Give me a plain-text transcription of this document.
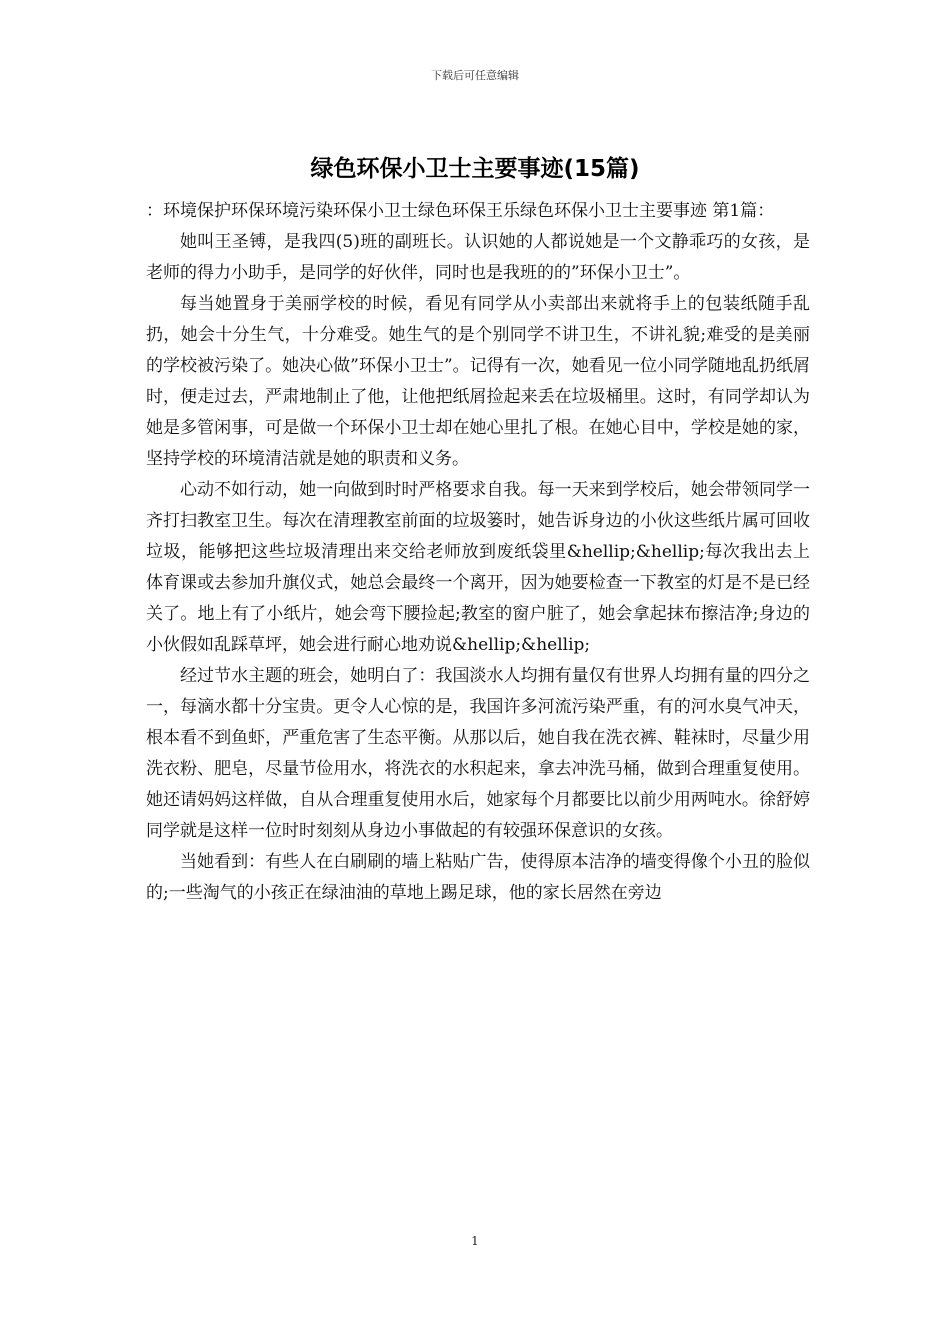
下载后可任意编辑
绿色环保小卫士主要事迹(15篇)

：环境保护环保环境污染环保小卫士绿色环保王乐绿色环保小卫士主要事迹 第1篇：

她叫王圣镈，是我四(5)班的副班长。认识她的人都说她是一个文静乖巧的女孩，是老师的得力小助手，是同学的好伙伴，同时也是我班的的”环保小卫士”。

每当她置身于美丽学校的时候，看见有同学从小卖部出来就将手上的包装纸随手乱扔，她会十分生气，十分难受。她生气的是个别同学不讲卫生，不讲礼貌;难受的是美丽的学校被污染了。她决心做”环保小卫士”。记得有一次，她看见一位小同学随地乱扔纸屑时，便走过去，严肃地制止了他，让他把纸屑捡起来丢在垃圾桶里。这时，有同学却认为她是多管闲事，可是做一个环保小卫士却在她心里扎了根。在她心目中，学校是她的家，坚持学校的环境清洁就是她的职责和义务。

心动不如行动，她一向做到时时严格要求自我。每一天来到学校后，她会带领同学一齐打扫教室卫生。每次在清理教室前面的垃圾篓时，她告诉身边的小伙这些纸片属可回收垃圾，能够把这些垃圾清理出来交给老师放到废纸袋里&hellip;&hellip;每次我出去上体育课或去参加升旗仪式，她总会最终一个离开，因为她要检查一下教室的灯是不是已经关了。地上有了小纸片，她会弯下腰捡起;教室的窗户脏了，她会拿起抹布擦洁净;身边的小伙假如乱踩草坪，她会进行耐心地劝说&hellip;&hellip;

经过节水主题的班会，她明白了：我国淡水人均拥有量仅有世界人均拥有量的四分之一，每滴水都十分宝贵。更令人心惊的是，我国许多河流污染严重，有的河水臭气冲天，根本看不到鱼虾，严重危害了生态平衡。从那以后，她自我在洗衣裤、鞋袜时，尽量少用洗衣粉、肥皂，尽量节俭用水，将洗衣的水积起来，拿去冲洗马桶，做到合理重复使用。她还请妈妈这样做，自从合理重复使用水后，她家每个月都要比以前少用两吨水。徐舒婷同学就是这样一位时时刻刻从身边小事做起的有较强环保意识的女孩。

当她看到：有些人在白刷刷的墙上粘贴广告，使得原本洁净的墙变得像个小丑的脸似的;一些淘气的小孩正在绿油油的草地上踢足球，他的家长居然在旁边

1
